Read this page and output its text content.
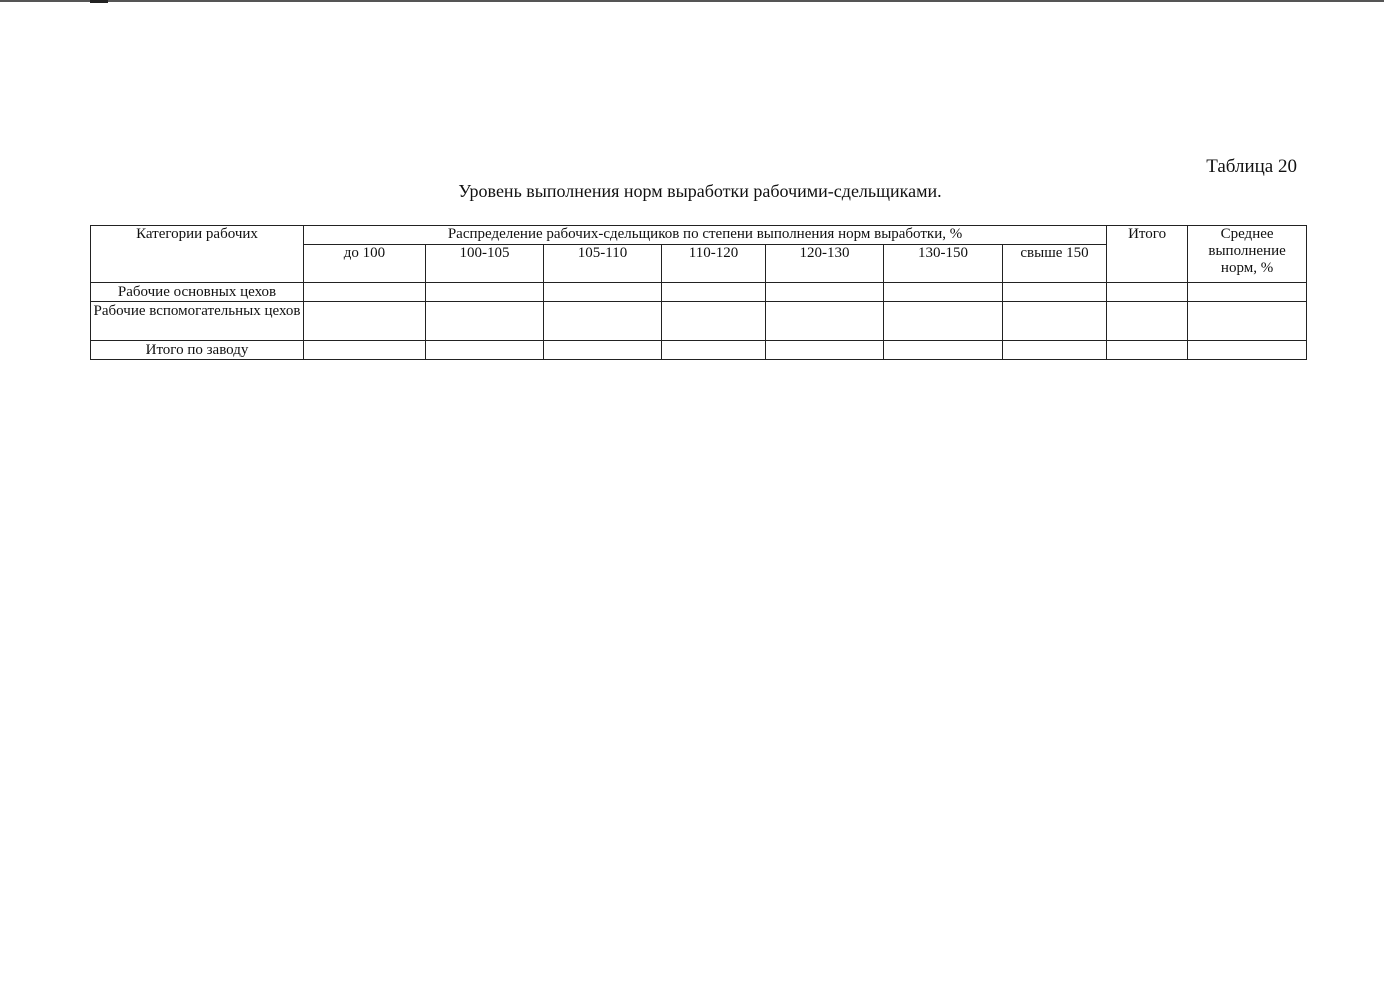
Таблица 20
Уровень выполнения норм выработки рабочими-сдельщиками.
Категории рабочих	Распределение рабочих-сдельщиков по степени выполнения норм выработки, %							Итого	Среднее выполнение норм, %
	до 100	100-105	105-110	110-120	120-130	130-150	свыше 150		
Рабочие основных цехов									
Рабочие вспомогательных цехов									
Итого по заводу									
